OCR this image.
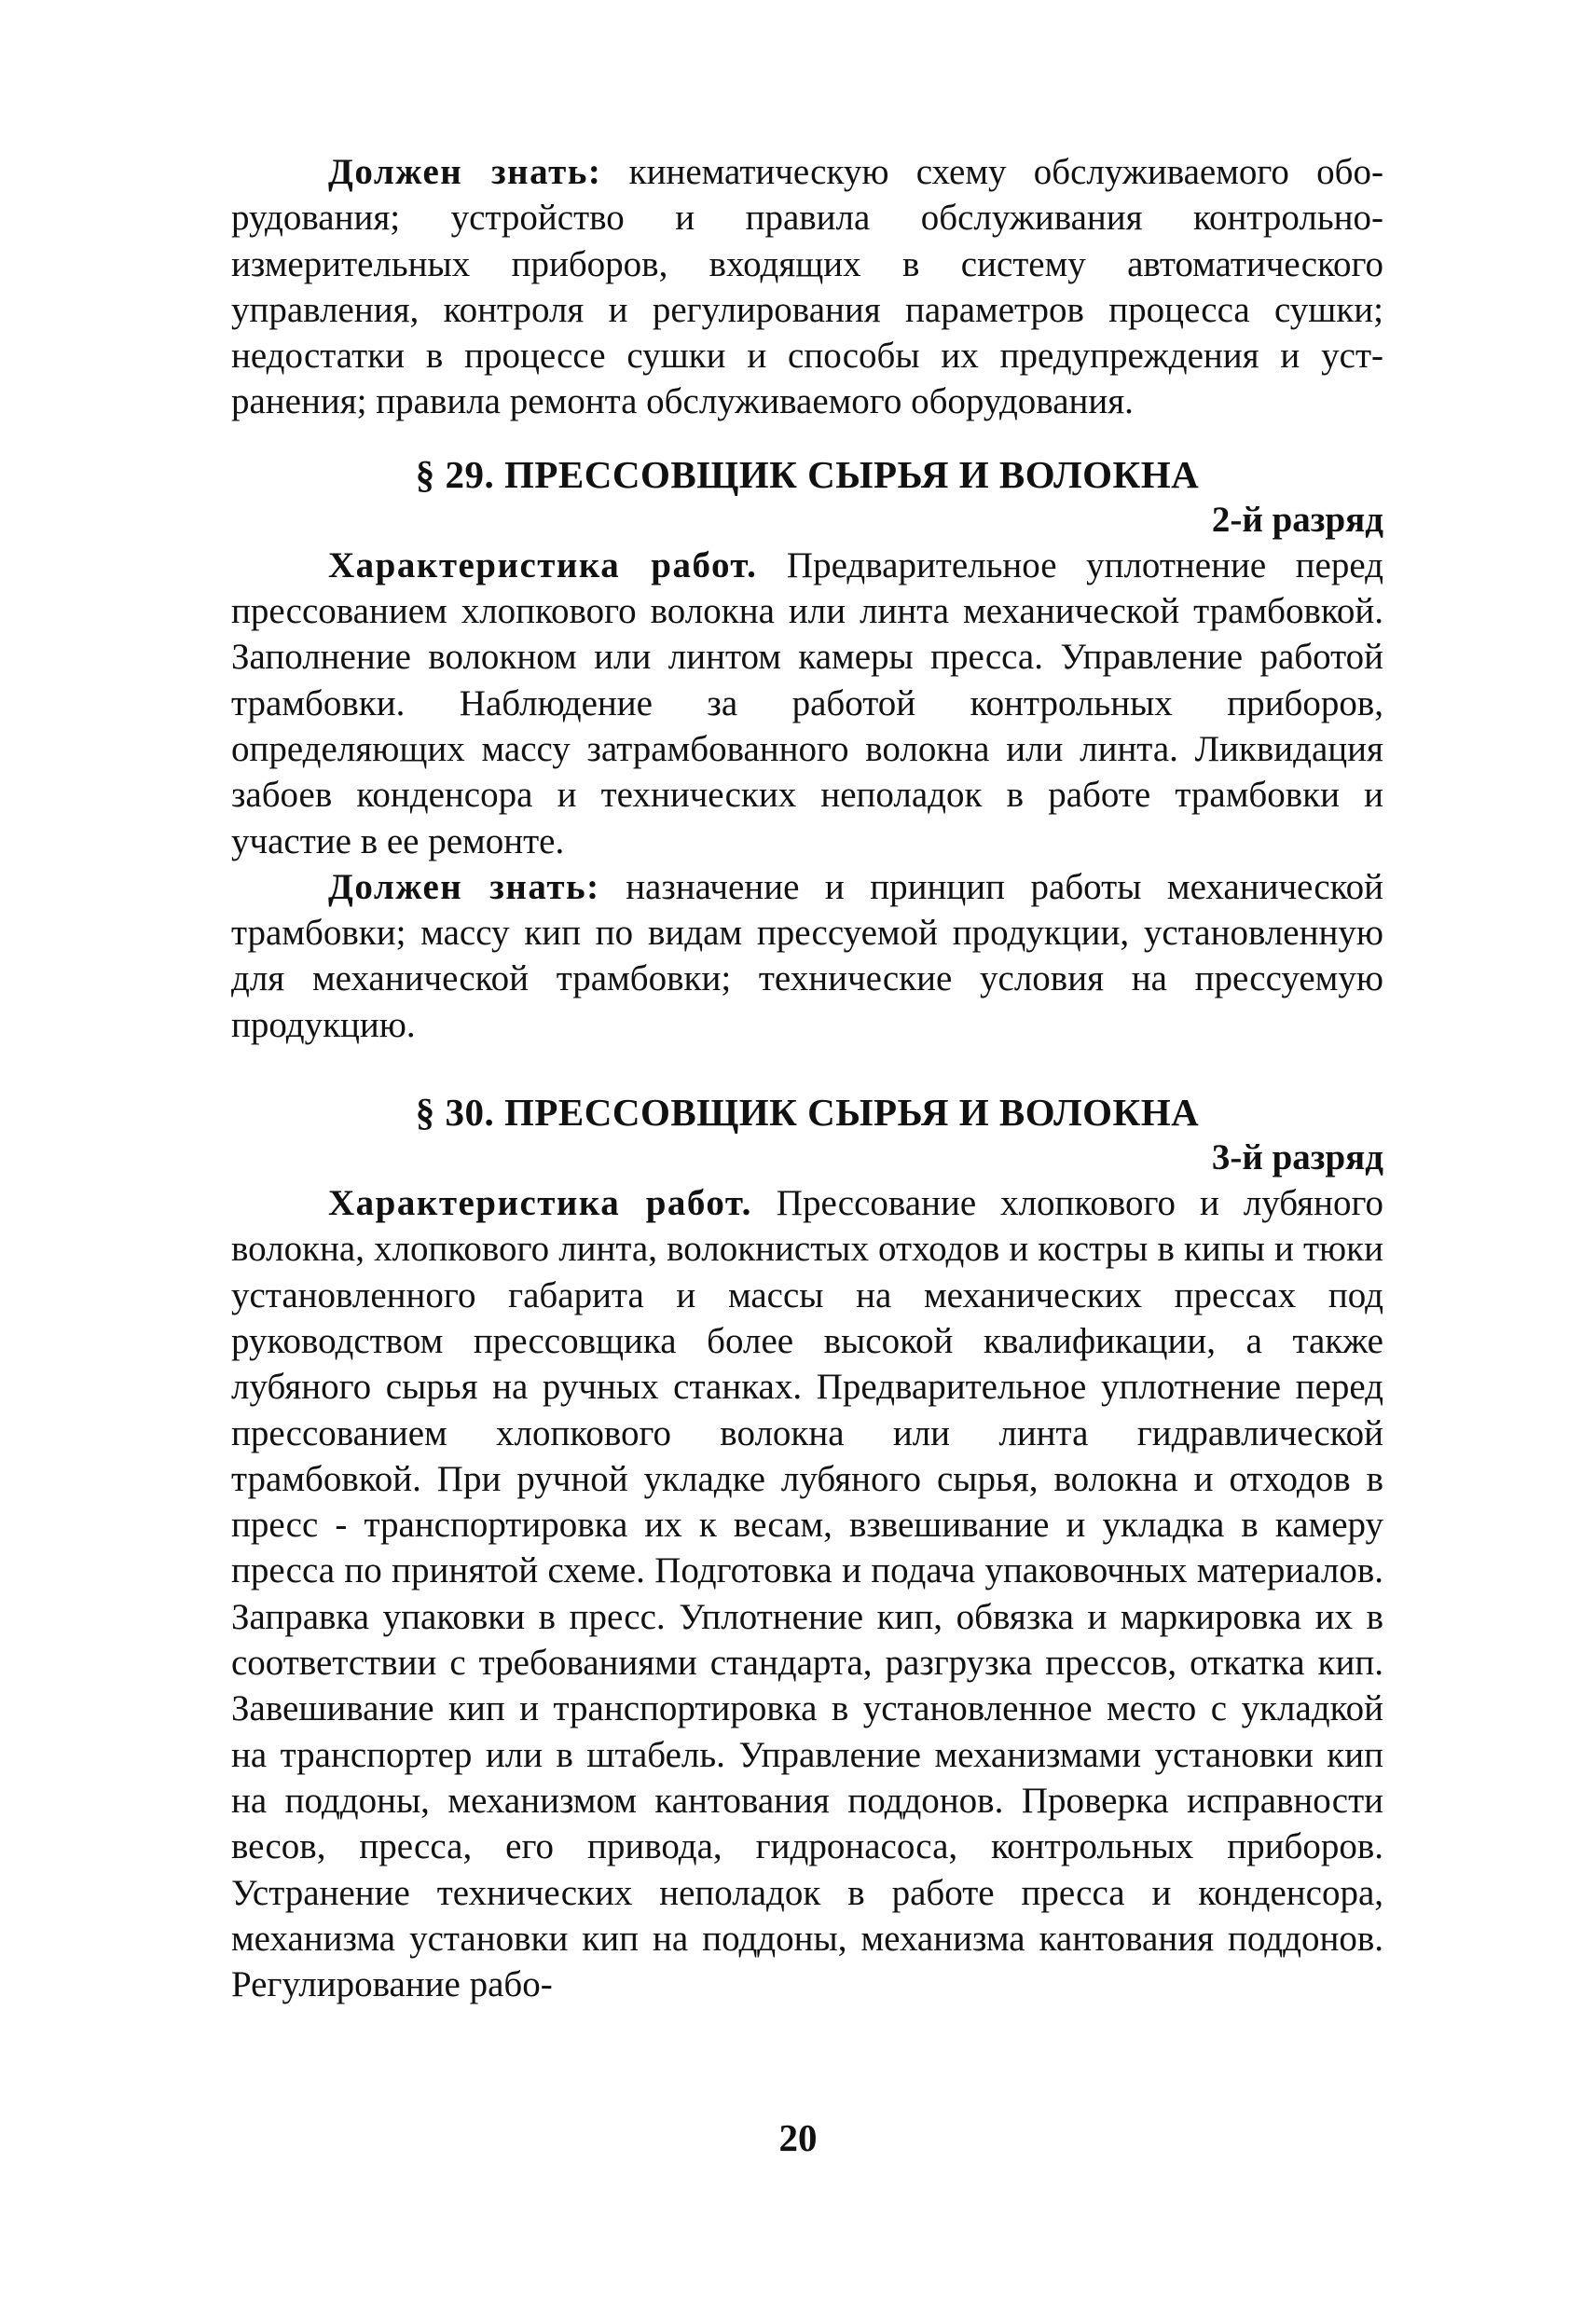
Должен знать: кинематическую схему обслуживаемого оборудования; устройство и правила обслуживания контрольно-измерительных приборов, входящих в систему автоматического управления, контроля и регулирования параметров процесса сушки; недостатки в процессе сушки и способы их предупреждения и устранения; правила ремонта обслуживаемого оборудования.

§ 29. ПРЕССОВЩИК СЫРЬЯ И ВОЛОКНА
2-й разряд

Характеристика работ. Предварительное уплотнение перед прессованием хлопкового волокна или линта механической трамбовкой. Заполнение волокном или линтом камеры пресса. Управление работой трамбовки. Наблюдение за работой контрольных приборов, определяющих массу затрамбованного волокна или линта. Ликвидация забоев конденсора и технических неполадок в работе трамбовки и участие в ее ремонте.

Должен знать: назначение и принцип работы механической трамбовки; массу кип по видам прессуемой продукции, установленную для механической трамбовки; технические условия на прессуемую продукцию.

§ 30. ПРЕССОВЩИК СЫРЬЯ И ВОЛОКНА
3-й разряд

Характеристика работ. Прессование хлопкового и лубяного волокна, хлопкового линта, волокнистых отходов и костры в кипы и тюки установленного габарита и массы на механических прессах под руководством прессовщика более высокой квалификации, а также лубяного сырья на ручных станках. Предварительное уплотнение перед прессованием хлопкового волокна или линта гидравлической трамбовкой. При ручной укладке лубяного сырья, волокна и отходов в пресс - транспортировка их к весам, взвешивание и укладка в камеру пресса по принятой схеме. Подготовка и подача упаковочных материалов. Заправка упаковки в пресс. Уплотнение кип, обвязка и маркировка их в соответствии с требованиями стандарта, разгрузка прессов, откатка кип. Завешивание кип и транспортировка в установленное место с укладкой на транспортер или в штабель. Управление механизмами установки кип на поддоны, механизмом кантования поддонов. Проверка исправности весов, пресса, его привода, гидронасоса, контрольных приборов. Устранение технических неполадок в работе пресса и конденсора, механизма установки кип на поддоны, механизма кантования поддонов. Регулирование рабо-

20
